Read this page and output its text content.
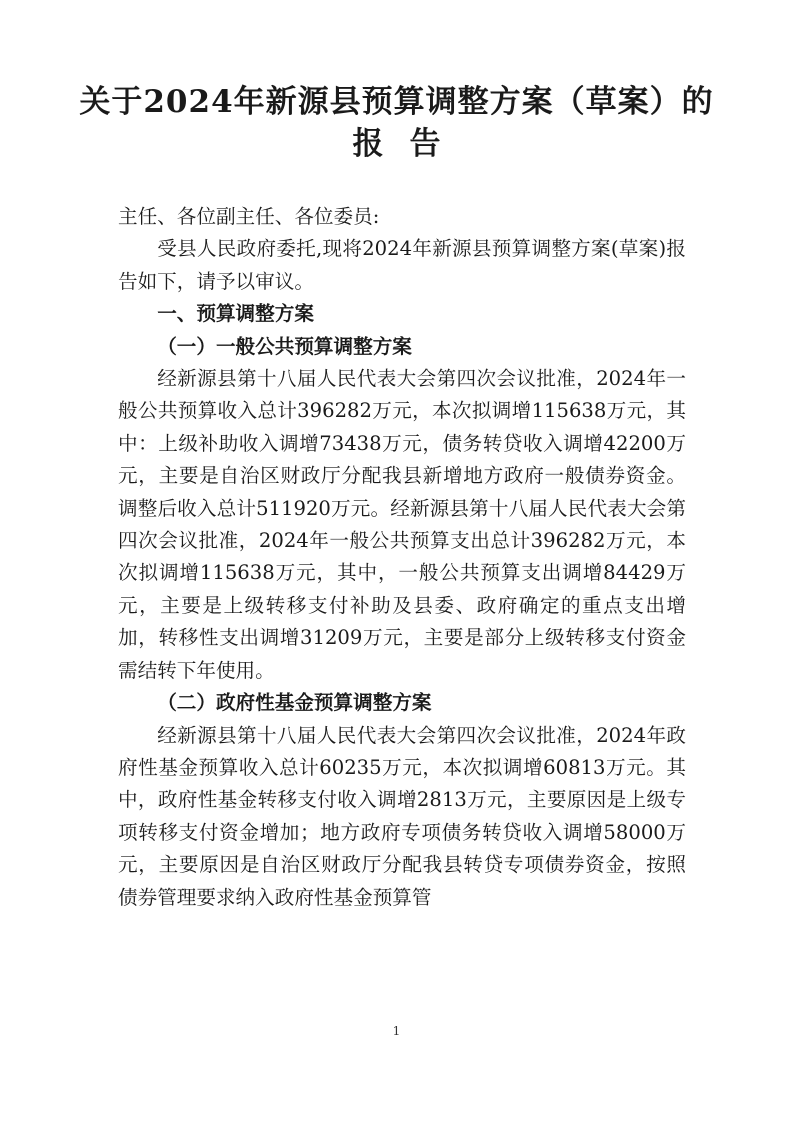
关于2024年新源县预算调整方案（草案）的
报告

主任、各位副主任、各位委员:

受县人民政府委托,现将2024年新源县预算调整方案(草案)报告如下，请予以审议。

一、预算调整方案

（一）一般公共预算调整方案

经新源县第十八届人民代表大会第四次会议批准，2024年一般公共预算收入总计396282万元，本次拟调增115638万元，其中：上级补助收入调增73438万元，债务转贷收入调增42200万元，主要是自治区财政厅分配我县新增地方政府一般债券资金。调整后收入总计511920万元。经新源县第十八届人民代表大会第四次会议批准，2024年一般公共预算支出总计396282万元，本次拟调增115638万元，其中，一般公共预算支出调增84429万元，主要是上级转移支付补助及县委、政府确定的重点支出增加，转移性支出调增31209万元，主要是部分上级转移支付资金需结转下年使用。

（二）政府性基金预算调整方案

经新源县第十八届人民代表大会第四次会议批准，2024年政府性基金预算收入总计60235万元，本次拟调增60813万元。其中，政府性基金转移支付收入调增2813万元，主要原因是上级专项转移支付资金增加；地方政府专项债务转贷收入调增58000万元，主要原因是自治区财政厅分配我县转贷专项债券资金，按照债券管理要求纳入政府性基金预算管

1
